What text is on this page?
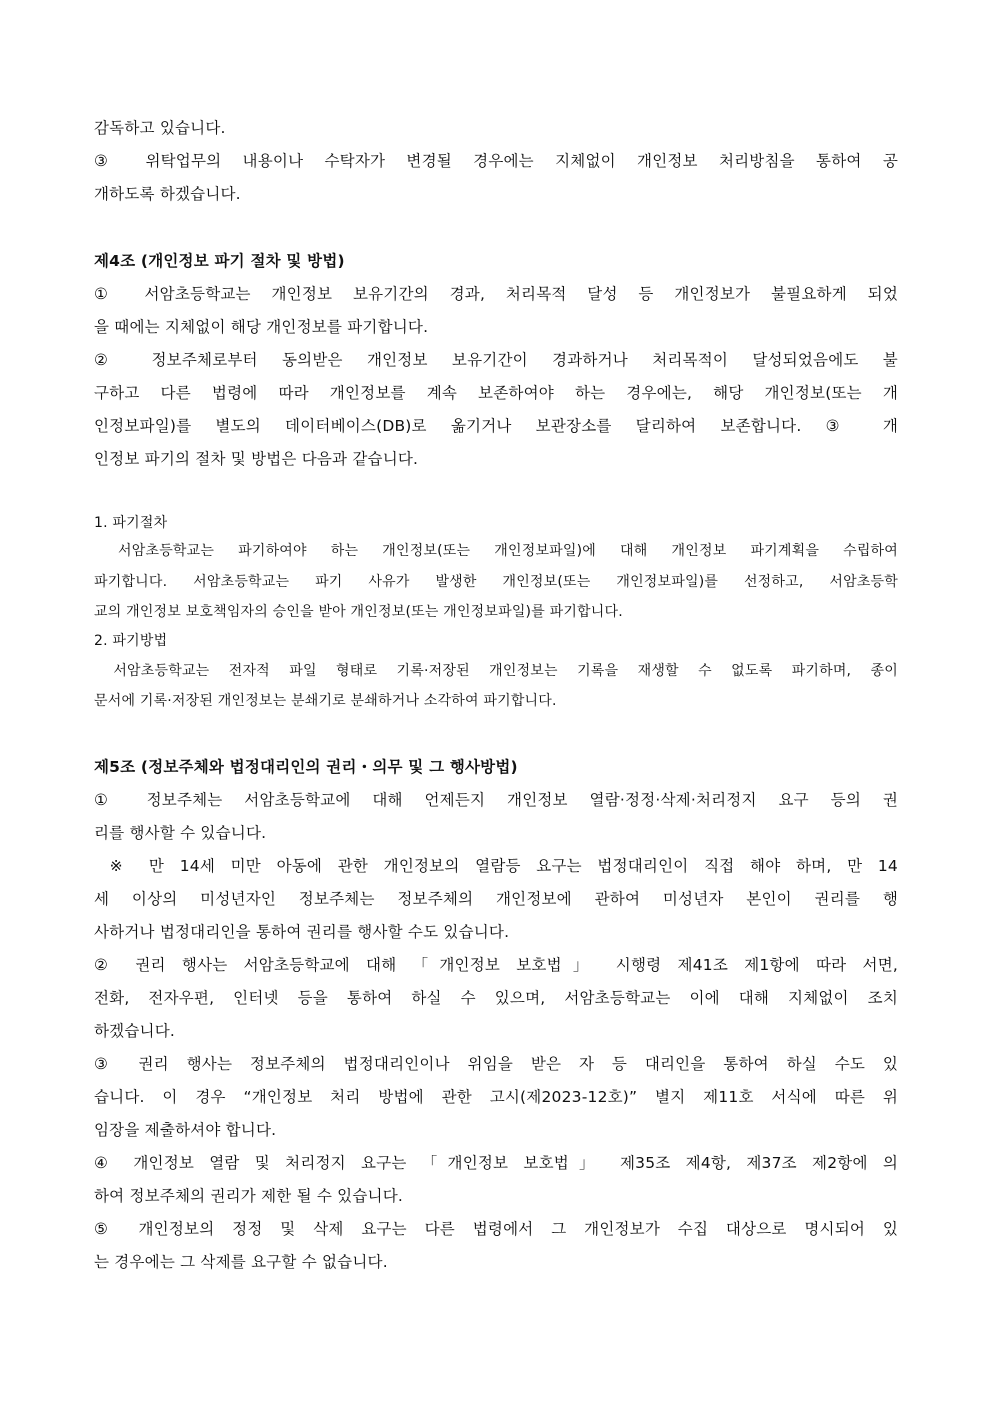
감독하고 있습니다.
③ 위탁업무의 내용이나 수탁자가 변경될 경우에는 지체없이 개인정보 처리방침을 통하여 공
개하도록 하겠습니다.
제4조 (개인정보 파기 절차 및 방법)
① 서암초등학교는 개인정보 보유기간의 경과, 처리목적 달성 등 개인정보가 불필요하게 되었
을 때에는 지체없이 해당 개인정보를 파기합니다.
② 정보주체로부터 동의받은 개인정보 보유기간이 경과하거나 처리목적이 달성되었음에도 불
구하고 다른 법령에 따라 개인정보를 계속 보존하여야 하는 경우에는, 해당 개인정보(또는 개
인정보파일)를 별도의 데이터베이스(DB)로 옮기거나 보관장소를 달리하여 보존합니다. ③ 개
인정보 파기의 절차 및 방법은 다음과 같습니다.
1. 파기절차
서암초등학교는 파기하여야 하는 개인정보(또는 개인정보파일)에 대해 개인정보 파기계획을 수립하여
파기합니다. 서암초등학교는 파기 사유가 발생한 개인정보(또는 개인정보파일)를 선정하고, 서암초등학
교의 개인정보 보호책임자의 승인을 받아 개인정보(또는 개인정보파일)를 파기합니다.
2. 파기방법
서암초등학교는 전자적 파일 형태로 기록·저장된 개인정보는 기록을 재생할 수 없도록 파기하며, 종이
문서에 기록·저장된 개인정보는 분쇄기로 분쇄하거나 소각하여 파기합니다.
제5조 (정보주체와 법정대리인의 권리・의무 및 그 행사방법)
① 정보주체는 서암초등학교에 대해 언제든지 개인정보 열람·정정·삭제·처리정지 요구 등의 권
리를 행사할 수 있습니다.
※ 만 14세 미만 아동에 관한 개인정보의 열람등 요구는 법정대리인이 직접 해야 하며, 만 14
세 이상의 미성년자인 정보주체는 정보주체의 개인정보에 관하여 미성년자 본인이 권리를 행
사하거나 법정대리인을 통하여 권리를 행사할 수도 있습니다.
② 권리 행사는 서암초등학교에 대해 「개인정보 보호법」 시행령 제41조 제1항에 따라 서면,
전화, 전자우편, 인터넷 등을 통하여 하실 수 있으며, 서암초등학교는 이에 대해 지체없이 조치
하겠습니다.
③ 권리 행사는 정보주체의 법정대리인이나 위임을 받은 자 등 대리인을 통하여 하실 수도 있
습니다. 이 경우 “개인정보 처리 방법에 관한 고시(제2023-12호)” 별지 제11호 서식에 따른 위
임장을 제출하셔야 합니다.
④ 개인정보 열람 및 처리정지 요구는 「개인정보 보호법」 제35조 제4항, 제37조 제2항에 의
하여 정보주체의 권리가 제한 될 수 있습니다.
⑤ 개인정보의 정정 및 삭제 요구는 다른 법령에서 그 개인정보가 수집 대상으로 명시되어 있
는 경우에는 그 삭제를 요구할 수 없습니다.
